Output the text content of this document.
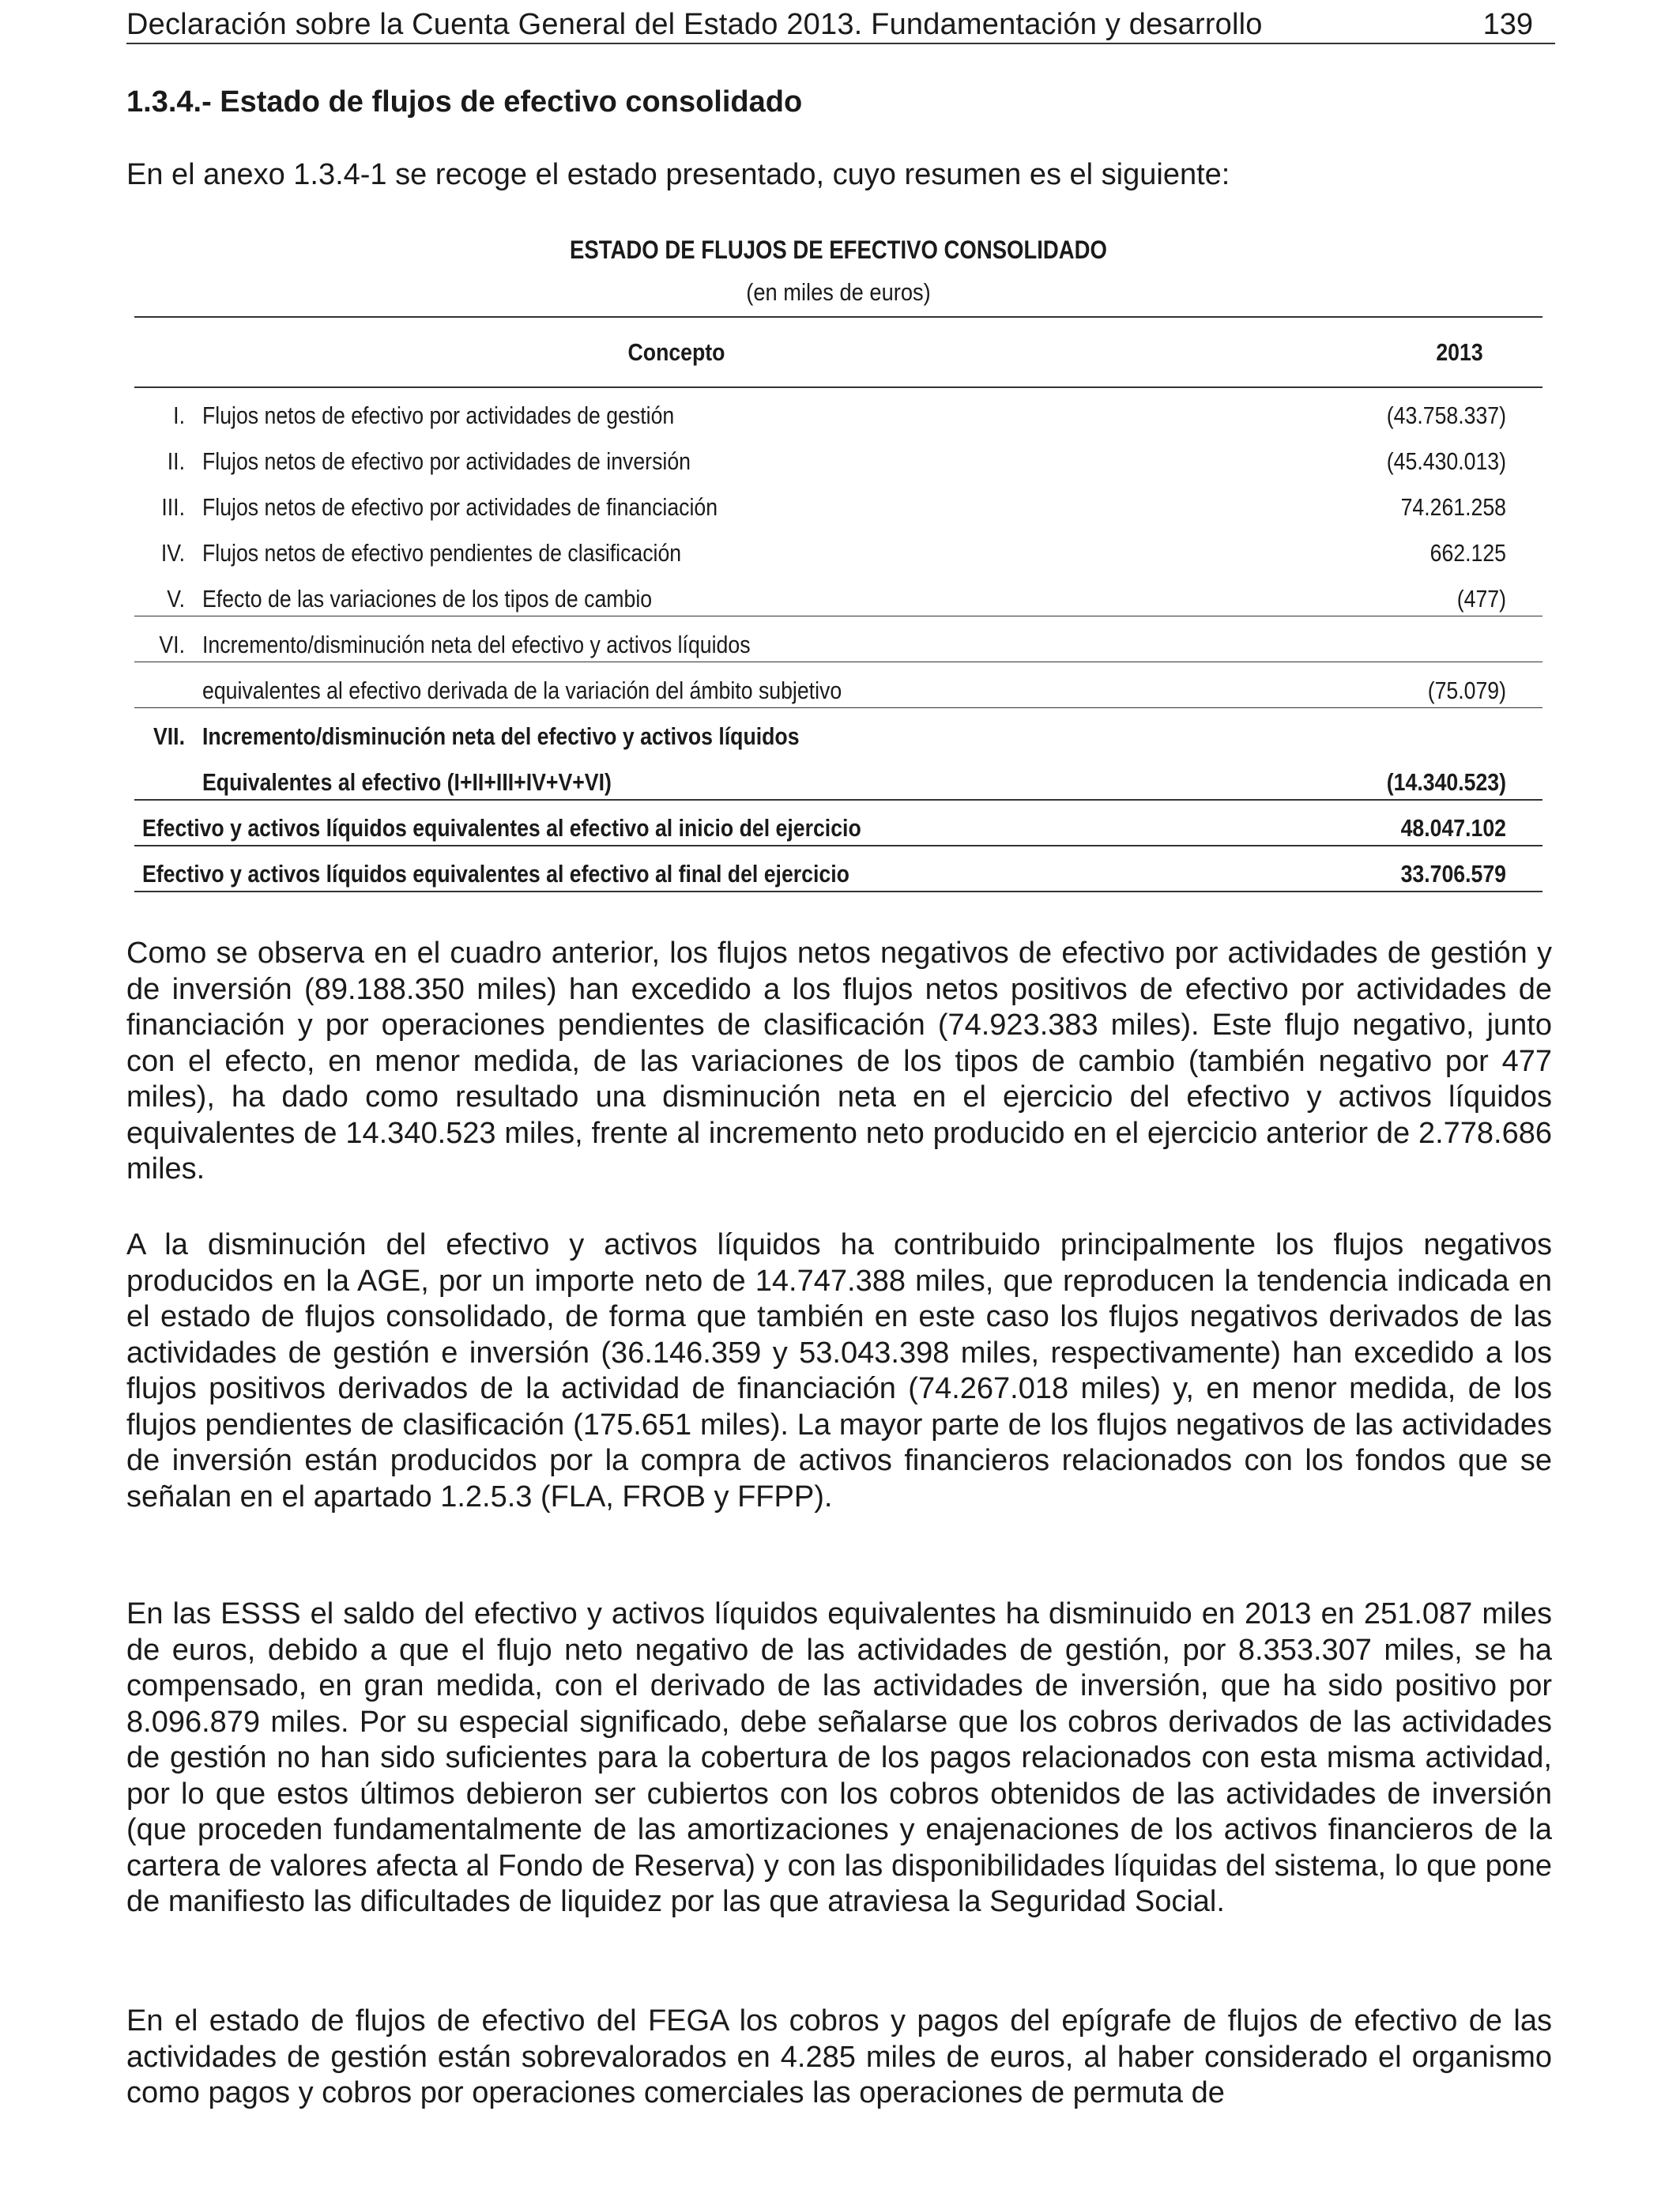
Declaración sobre la Cuenta General del Estado 2013. Fundamentación y desarrollo	139
1.3.4.- Estado de flujos de efectivo consolidado
En el anexo 1.3.4-1 se recoge el estado presentado, cuyo resumen es el siguiente:
ESTADO DE FLUJOS DE EFECTIVO CONSOLIDADO
(en miles de euros)
Concepto	2013
I. Flujos netos de efectivo por actividades de gestión	(43.758.337)
II. Flujos netos de efectivo por actividades de inversión	(45.430.013)
III. Flujos netos de efectivo por actividades de financiación	74.261.258
IV. Flujos netos de efectivo pendientes de clasificación	662.125
V. Efecto de las variaciones de los tipos de cambio	(477)
VI. Incremento/disminución neta del efectivo y activos líquidos
equivalentes al efectivo derivada de la variación del ámbito subjetivo	(75.079)
VII. Incremento/disminución neta del efectivo y activos líquidos
Equivalentes al efectivo (I+II+III+IV+V+VI)	(14.340.523)
Efectivo y activos líquidos equivalentes al efectivo al inicio del ejercicio	48.047.102
Efectivo y activos líquidos equivalentes al efectivo al final del ejercicio	33.706.579

Como se observa en el cuadro anterior, los flujos netos negativos de efectivo por actividades de gestión y de inversión (89.188.350 miles) han excedido a los flujos netos positivos de efectivo por actividades de financiación y por operaciones pendientes de clasificación (74.923.383 miles). Este flujo negativo, junto con el efecto, en menor medida, de las variaciones de los tipos de cambio (también negativo por 477 miles), ha dado como resultado una disminución neta en el ejercicio del efectivo y activos líquidos equivalentes de 14.340.523 miles, frente al incremento neto producido en el ejercicio anterior de 2.778.686 miles.

A la disminución del efectivo y activos líquidos ha contribuido principalmente los flujos negativos producidos en la AGE, por un importe neto de 14.747.388 miles, que reproducen la tendencia indicada en el estado de flujos consolidado, de forma que también en este caso los flujos negativos derivados de las actividades de gestión e inversión (36.146.359 y 53.043.398 miles, respectivamente) han excedido a los flujos positivos derivados de la actividad de financiación (74.267.018 miles) y, en menor medida, de los flujos pendientes de clasificación (175.651 miles). La mayor parte de los flujos negativos de las actividades de inversión están producidos por la compra de activos financieros relacionados con los fondos que se señalan en el apartado 1.2.5.3 (FLA, FROB y FFPP).

En las ESSS el saldo del efectivo y activos líquidos equivalentes ha disminuido en 2013 en 251.087 miles de euros, debido a que el flujo neto negativo de las actividades de gestión, por 8.353.307 miles, se ha compensado, en gran medida, con el derivado de las actividades de inversión, que ha sido positivo por 8.096.879 miles. Por su especial significado, debe señalarse que los cobros derivados de las actividades de gestión no han sido suficientes para la cobertura de los pagos relacionados con esta misma actividad, por lo que estos últimos debieron ser cubiertos con los cobros obtenidos de las actividades de inversión (que proceden fundamentalmente de las amortizaciones y enajenaciones de los activos financieros de la cartera de valores afecta al Fondo de Reserva) y con las disponibilidades líquidas del sistema, lo que pone de manifiesto las dificultades de liquidez por las que atraviesa la Seguridad Social.

En el estado de flujos de efectivo del FEGA los cobros y pagos del epígrafe de flujos de efectivo de las actividades de gestión están sobrevalorados en 4.285 miles de euros, al haber considerado el organismo como pagos y cobros por operaciones comerciales las operaciones de permuta de
